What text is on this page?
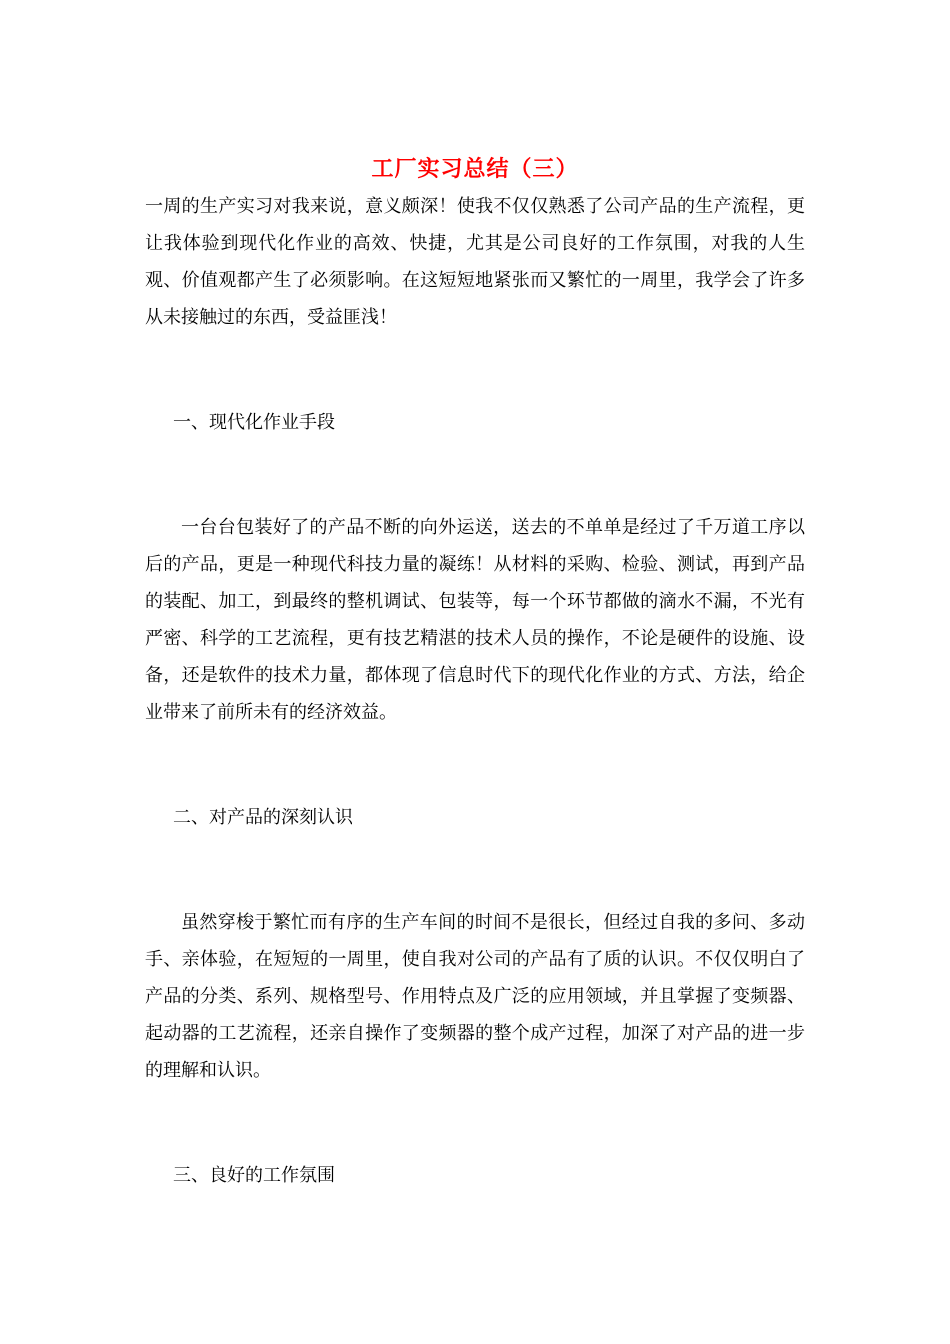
工厂实习总结（三）

一周的生产实习对我来说，意义颇深！使我不仅仅熟悉了公司产品的生产流程，更让我体验到现代化作业的高效、快捷，尤其是公司良好的工作氛围，对我的人生观、价值观都产生了必须影响。在这短短地紧张而又繁忙的一周里，我学会了许多从未接触过的东西，受益匪浅！

一、现代化作业手段

一台台包装好了的产品不断的向外运送，送去的不单单是经过了千万道工序以后的产品，更是一种现代科技力量的凝练！从材料的采购、检验、测试，再到产品的装配、加工，到最终的整机调试、包装等，每一个环节都做的滴水不漏，不光有严密、科学的工艺流程，更有技艺精湛的技术人员的操作，不论是硬件的设施、设备，还是软件的技术力量，都体现了信息时代下的现代化作业的方式、方法，给企业带来了前所未有的经济效益。

二、对产品的深刻认识

虽然穿梭于繁忙而有序的生产车间的时间不是很长，但经过自我的多问、多动手、亲体验，在短短的一周里，使自我对公司的产品有了质的认识。不仅仅明白了产品的分类、系列、规格型号、作用特点及广泛的应用领域，并且掌握了变频器、起动器的工艺流程，还亲自操作了变频器的整个成产过程，加深了对产品的进一步的理解和认识。

三、良好的工作氛围
